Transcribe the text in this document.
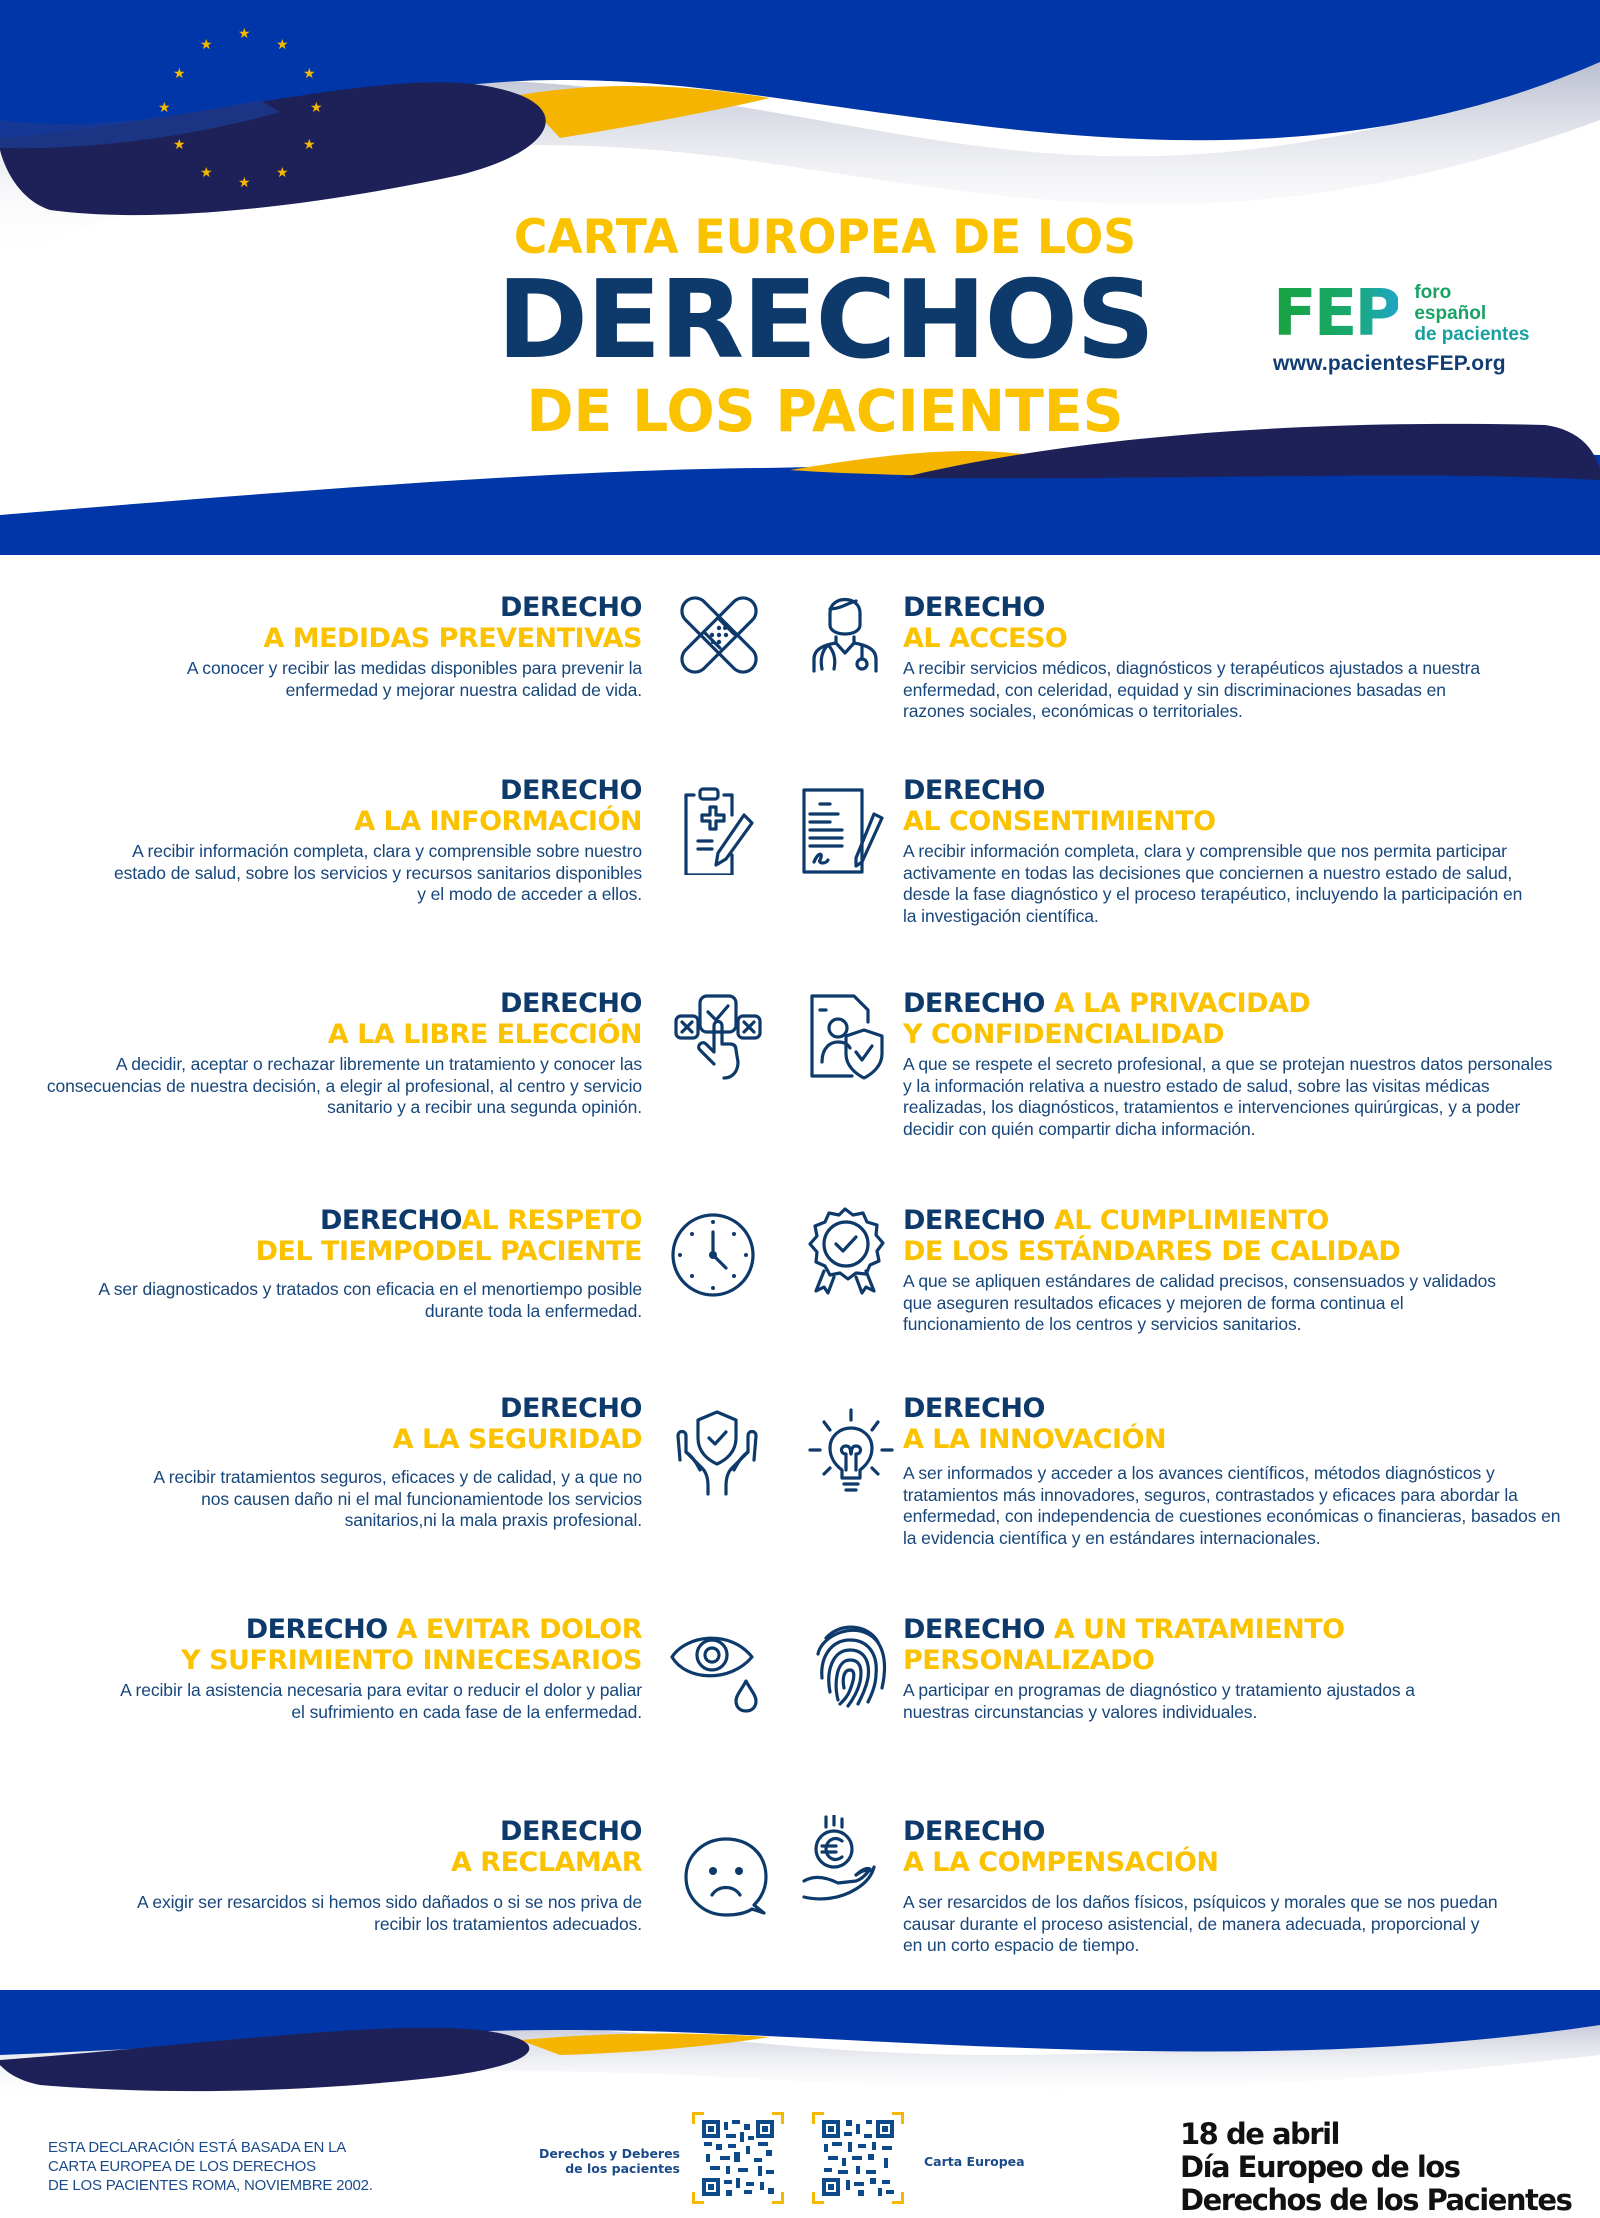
★
★	★
★	★
★	★
★	★
★	★
★
CARTA EUROPEA DE LOS
DERECHOS
DE LOS PACIENTES
FEP foro
español
de pacientes
www.pacientesFEP.org
DERECHO
A MEDIDAS PREVENTIVAS
A conocer y recibir las medidas disponibles para prevenir la enfermedad y mejorar nuestra calidad de vida.
DERECHO
AL ACCESO
A recibir servicios médicos, diagnósticos y terapéuticos ajustados a nuestra enfermedad, con celeridad, equidad y sin discriminaciones basadas en razones sociales, económicas o territoriales.
DERECHO
A LA INFORMACIÓN
A recibir información completa, clara y comprensible sobre nuestro estado de salud, sobre los servicios y recursos sanitarios disponibles y el modo de acceder a ellos.
DERECHO
AL CONSENTIMIENTO
A recibir información completa, clara y comprensible que nos permita participar activamente en todas las decisiones que conciernen a nuestro estado de salud, desde la fase diagnóstico y el proceso terapéutico, incluyendo la participación en la investigación científica.
DERECHO
A LA LIBRE ELECCIÓN
A decidir, aceptar o rechazar libremente un tratamiento y conocer las consecuencias de nuestra decisión, a elegir al profesional, al centro y servicio sanitario y a recibir una segunda opinión.
DERECHO A LA PRIVACIDAD
Y CONFIDENCIALIDAD
A que se respete el secreto profesional, a que se protejan nuestros datos personales y la información relativa a nuestro estado de salud, sobre las visitas médicas realizadas, los diagnósticos, tratamientos e intervenciones quirúrgicas, y a poder decidir con quién compartir dicha información.
DERECHOAL RESPETO
DEL TIEMPODEL PACIENTE
A ser diagnosticados y tratados con eficacia en el menortiempo posible durante toda la enfermedad.
DERECHO AL CUMPLIMIENTO
DE LOS ESTÁNDARES DE CALIDAD
A que se apliquen estándares de calidad precisos, consensuados y validados que aseguren resultados eficaces y mejoren de forma continua el funcionamiento de los centros y servicios sanitarios.
DERECHO
A LA SEGURIDAD
A recibir tratamientos seguros, eficaces y de calidad, y a que no nos causen daño ni el mal funcionamientode los servicios sanitarios,ni la mala praxis profesional.
DERECHO
A LA INNOVACIÓN
A ser informados y acceder a los avances científicos, métodos diagnósticos y tratamientos más innovadores, seguros, contrastados y eficaces para abordar la enfermedad, con independencia de cuestiones económicas o financieras, basados en la evidencia científica y en estándares internacionales.
DERECHO A EVITAR DOLOR
Y SUFRIMIENTO INNECESARIOS
A recibir la asistencia necesaria para evitar o reducir el dolor y paliar el sufrimiento en cada fase de la enfermedad.
DERECHO A UN TRATAMIENTO
PERSONALIZADO
A participar en programas de diagnóstico y tratamiento ajustados a nuestras circunstancias y valores individuales.
DERECHO
A RECLAMAR
A exigir ser resarcidos si hemos sido dañados o si se nos priva de recibir los tratamientos adecuados.
DERECHO
A LA COMPENSACIÓN
A ser resarcidos de los daños físicos, psíquicos y morales que se nos puedan causar durante el proceso asistencial, de manera adecuada, proporcional y en un corto espacio de tiempo.
ESTA DECLARACIÓN ESTÁ BASADA EN LA
CARTA EUROPEA DE LOS DERECHOS
DE LOS PACIENTES ROMA, NOVIEMBRE 2002.
Derechos y Deberes
de los pacientes	Carta Europea
18 de abril
Día Europeo de los
Derechos de los Pacientes
